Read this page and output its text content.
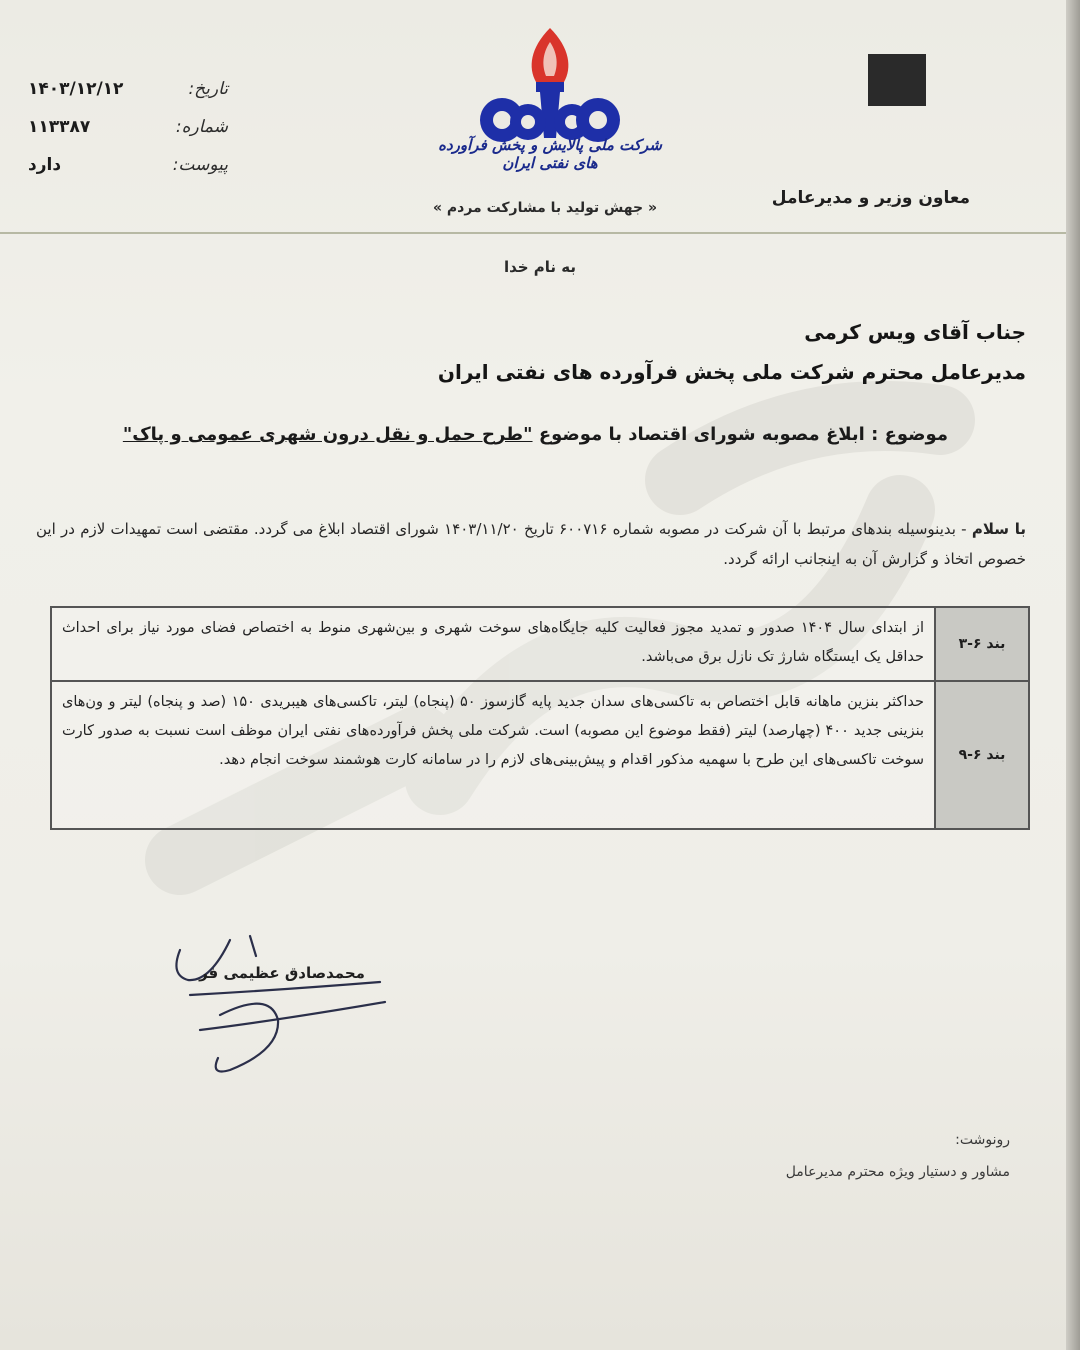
تاریخ:
۱۴۰۳/۱۲/۱۲
شماره:
۱۱۳۳۸۷
پیوست:
دارد
شرکت ملی پالایش و پخش فرآورده های نفتی ایران
« جهش تولید با مشارکت مردم »	معاون وزیر و مدیرعامل
به نام خدا
جناب آقای ویس کرمی
مدیرعامل محترم شرکت ملی پخش فرآورده های نفتی ایران
موضوع : ابلاغ مصوبه شورای اقتصاد با موضوع "طرح حمل و نقل درون شهری عمومی و پاک"
با سلام - بدینوسیله بندهای مرتبط با آن شرکت در مصوبه شماره ۶۰۰۷۱۶ تاریخ ۱۴۰۳/۱۱/۲۰ شورای اقتصاد ابلاغ می گردد. مقتضی است تمهیدات لازم در این خصوص اتخاذ و گزارش آن به اینجانب ارائه گردد.
بند ۶-۳
از ابتدای سال ۱۴۰۴ صدور و تمدید مجوز فعالیت کلیه جایگاه‌های سوخت شهری و بین‌شهری منوط به اختصاص فضای مورد نیاز برای احداث حداقل یک ایستگاه شارژ تک نازل برق می‌باشد.
بند ۶-۹
حداکثر بنزین ماهانه قابل اختصاص به تاکسی‌های سدان جدید پایه گازسوز ۵۰ (پنجاه) لیتر، تاکسی‌های هیبریدی ۱۵۰ (صد و پنجاه) لیتر و ون‌های بنزینی جدید ۴۰۰ (چهارصد) لیتر (فقط موضوع این مصوبه) است. شرکت ملی پخش فرآورده‌های نفتی ایران موظف است نسبت به صدور کارت سوخت تاکسی‌های این طرح با سهمیه مذکور اقدام و پیش‌بینی‌های لازم را در سامانه کارت هوشمند سوخت انجام دهد.
محمدصادق عظیمی فر
رونوشت:
مشاور و دستیار ویژه محترم مدیرعامل
